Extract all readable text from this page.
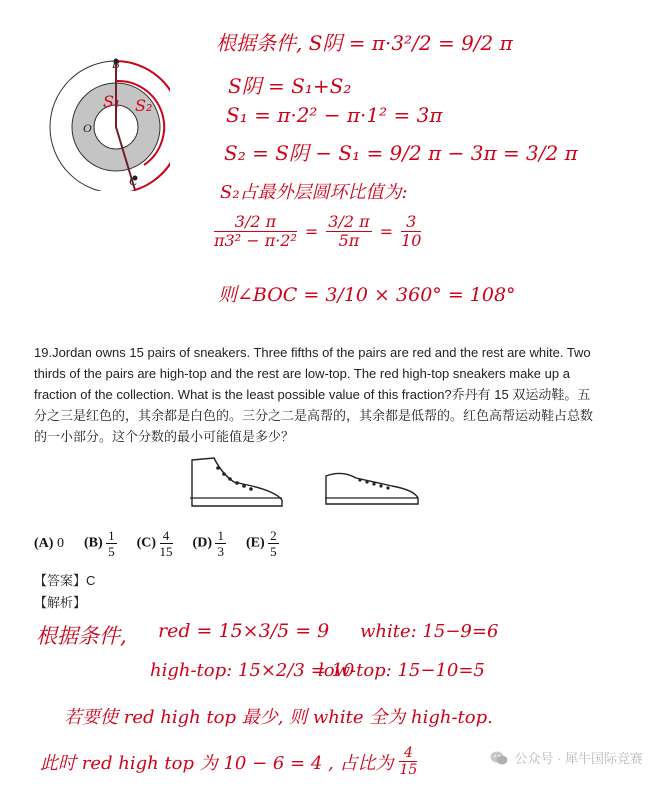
B
O
C
S₁ S₂
根据条件, S阴 = π·3²/2 = 9/2 π
S阴 = S₁+S₂
S₁ = π·2² − π·1² = 3π
S₂ = S阴 − S₁ = 9/2 π − 3π = 3/2 π
S₂占最外层圆环比值为:
$\frac{3/2 \pi}{\text{π3² − π·2²}} = \frac{3/2 \pi}{5\pi} = \frac{3}{10}$
则∠BOC = 3/10 × 360° = 108°
19.Jordan owns 15 pairs of sneakers. Three fifths of the pairs are red and the rest are white. Two thirds of the pairs are high-top and the rest are low-top. The red high-top sneakers make up a fraction of the collection. What is the least possible value of this fraction?乔丹有 15 双运动鞋。五分之三是红色的，其余都是白色的。三分之二是高帮的，其余都是低帮的。红色高帮运动鞋占总数的一小部分。这个分数的最小可能值是多少？
(A) 0 $(B) \frac{1}{5} (C) \frac{4}{15} (D) \frac{1}{3} (E) \frac{2}{5}$
【答案】C
【解析】
根据条件, red = 15×3/5 = 9 white: 15−9=6
high-top: 15×2/3 = 10
low-top: 15−10=5
若要使 red high top 最少, 则 white 全为 high-top.
此时 red high top 为 10 − 6 = 4 , 占比为 $\frac{4}{15}$	公众号 · 犀牛国际竞赛
